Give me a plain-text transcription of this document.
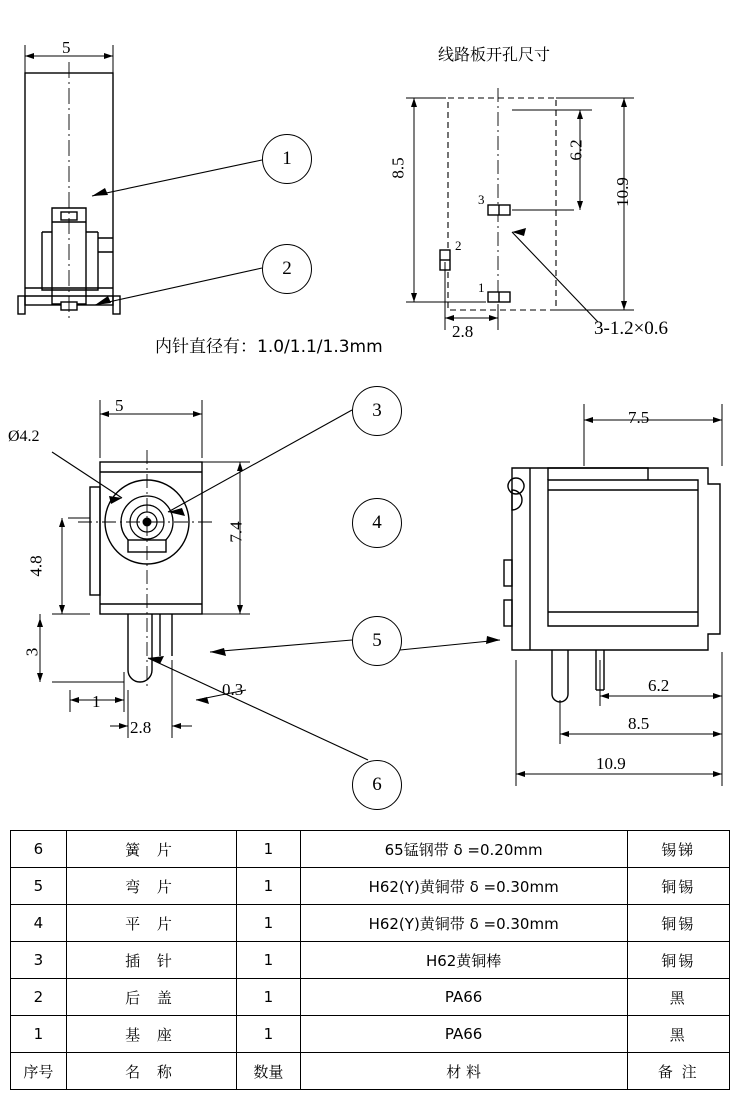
5	线路板开孔尺寸
8.5
6.2
10.9
2.8
3
2
1
3-1.2×0.6
内针直径有：1.0/1.1/1.3mm
5
Ø4.2
7.4
4.8
3
1
2.8
0.3
7.5
6.2
8.5
10.9
1
2
3
4
5
6
6	簧 片	1	65锰钢带 δ =0.20mm	锡锑
5	弯 片	1	H62(Y)黄铜带 δ =0.30mm	铜锡
4	平 片	1	H62(Y)黄铜带 δ =0.30mm	铜锡
3	插 针	1	H62黄铜棒	铜锡
2	后 盖	1	PA66	黑
1	基 座	1	PA66	黑
序号	名 称	数量	材 料	备 注
